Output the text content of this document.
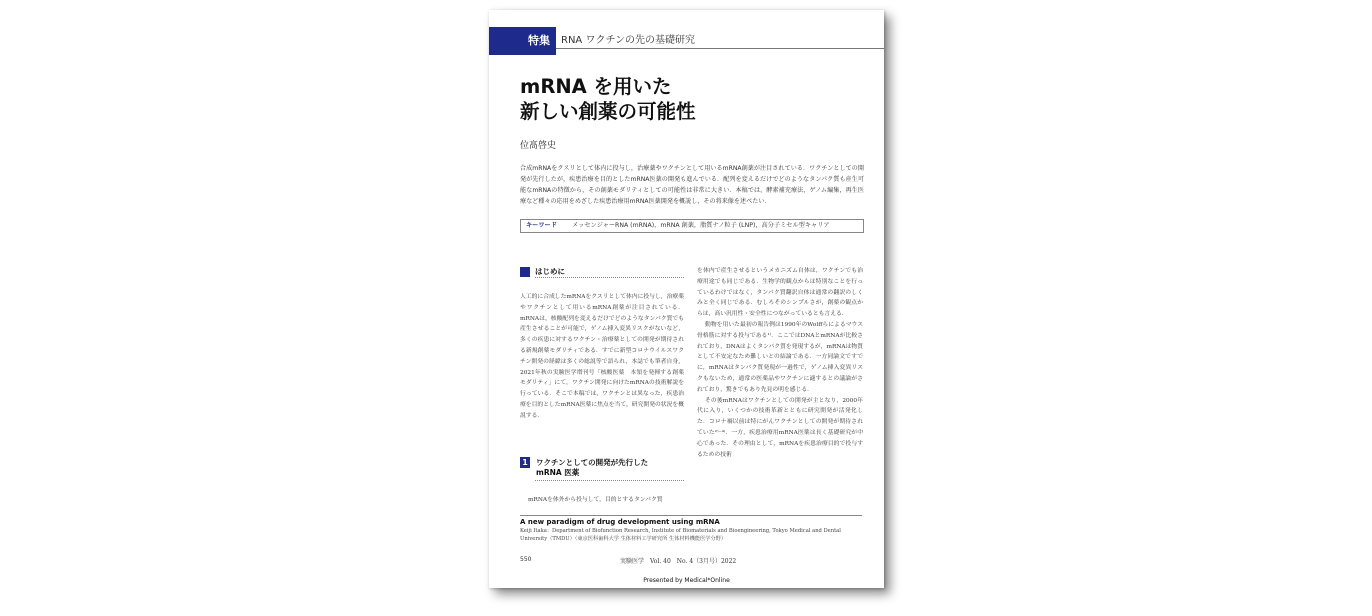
特集	RNA ワクチンの先の基礎研究
mRNA を用いた
新しい創薬の可能性
位髙啓史
合成mRNAをクスリとして体内に投与し，治療薬やワクチンとして用いるmRNA創薬が注目されている．ワクチンとしての開発が先行したが，疾患治療を目的としたmRNA医薬の開発も進んでいる．配列を変えるだけでどのようなタンパク質も産生可能なmRNAの特徴から，その創薬モダリティとしての可能性は非常に大きい．本稿では，酵素補充療法，ゲノム編集，再生医療など種々の応用をめざした疾患治療用mRNA医薬開発を概説し，その将来像を述べたい．
キーワード メッセンジャーRNA (mRNA)，mRNA 創薬，脂質ナノ粒子 (LNP)，高分子ミセル型キャリア
はじめに
人工的に合成したmRNAをクスリとして体内に投与し，治療薬やワクチンとして用いるmRNA創薬が注目されている．mRNAは，核酸配列を変えるだけでどのようなタンパク質でも産生させることが可能で，ゲノム挿入変異リスクがないなど，多くの疾患に対するワクチン・治療薬としての開発が期待される新規創薬モダリティである．すでに新型コロナウイルスワクチン開発の経緯は多くの総説等で語られ，本誌でも筆者自身，2021年秋の実験医学増刊号「核酸医薬　本領を発揮する創薬モダリティ」にて，ワクチン開発に向けたmRNAの技術解説を行っている．そこで本稿では，ワクチンとは異なった，疾患治療を目的としたmRNA医薬に焦点を当て，研究開発の状況を概説する．
1 ワクチンとしての開発が先行した
mRNA 医薬
mRNAを体外から投与して，目的とするタンパク質
を体内で産生させるというメカニズム自体は，ワクチンでも治療用途でも同じである．生物学的観点からは特別なことを行っているわけではなく，タンパク質翻訳自体は通常の翻訳のしくみと全く同じである．むしろそのシンプルさが，創薬の観点からは，高い汎用性・安全性につながっているとも言える．
動物を用いた最初の報告例は1990年のWolffらによるマウス骨格筋に対する投与である¹⁾．ここではDNAとmRNAが比較されており，DNAはよくタンパク質を発現するが，mRNAは物質として不安定なため難しいとの結論である．一方同論文ですでに，mRNAはタンパク質発現が一過性で，ゲノム挿入変異リスクもないため，通常の医薬品やワクチンに適するとの議論がされており，驚きでもあり先見の明を感じる．
その後mRNAはワクチンとしての開発が主となり，2000年代に入り，いくつかの技術革新とともに研究開発が活発化した．コロナ禍以前は特にがんワクチンとしての開発が期待されていた²⁾⁻⁴⁾．一方，疾患治療用mRNA医薬は長く基礎研究が中心であった．その理由として，mRNAを疾患治療目的で投与するための技術
A new paradigm of drug development using mRNA
Keiji Itaka：Department of Biofunction Research, Institute of Biomaterials and Bioengineering, Tokyo Medical and Dental University（TMDU）（東京医科歯科大学 生体材料工学研究所 生体材料機能医学分野）
550	実験医学　Vol. 40　No. 4（3月号）2022
Presented by Medical*Online
